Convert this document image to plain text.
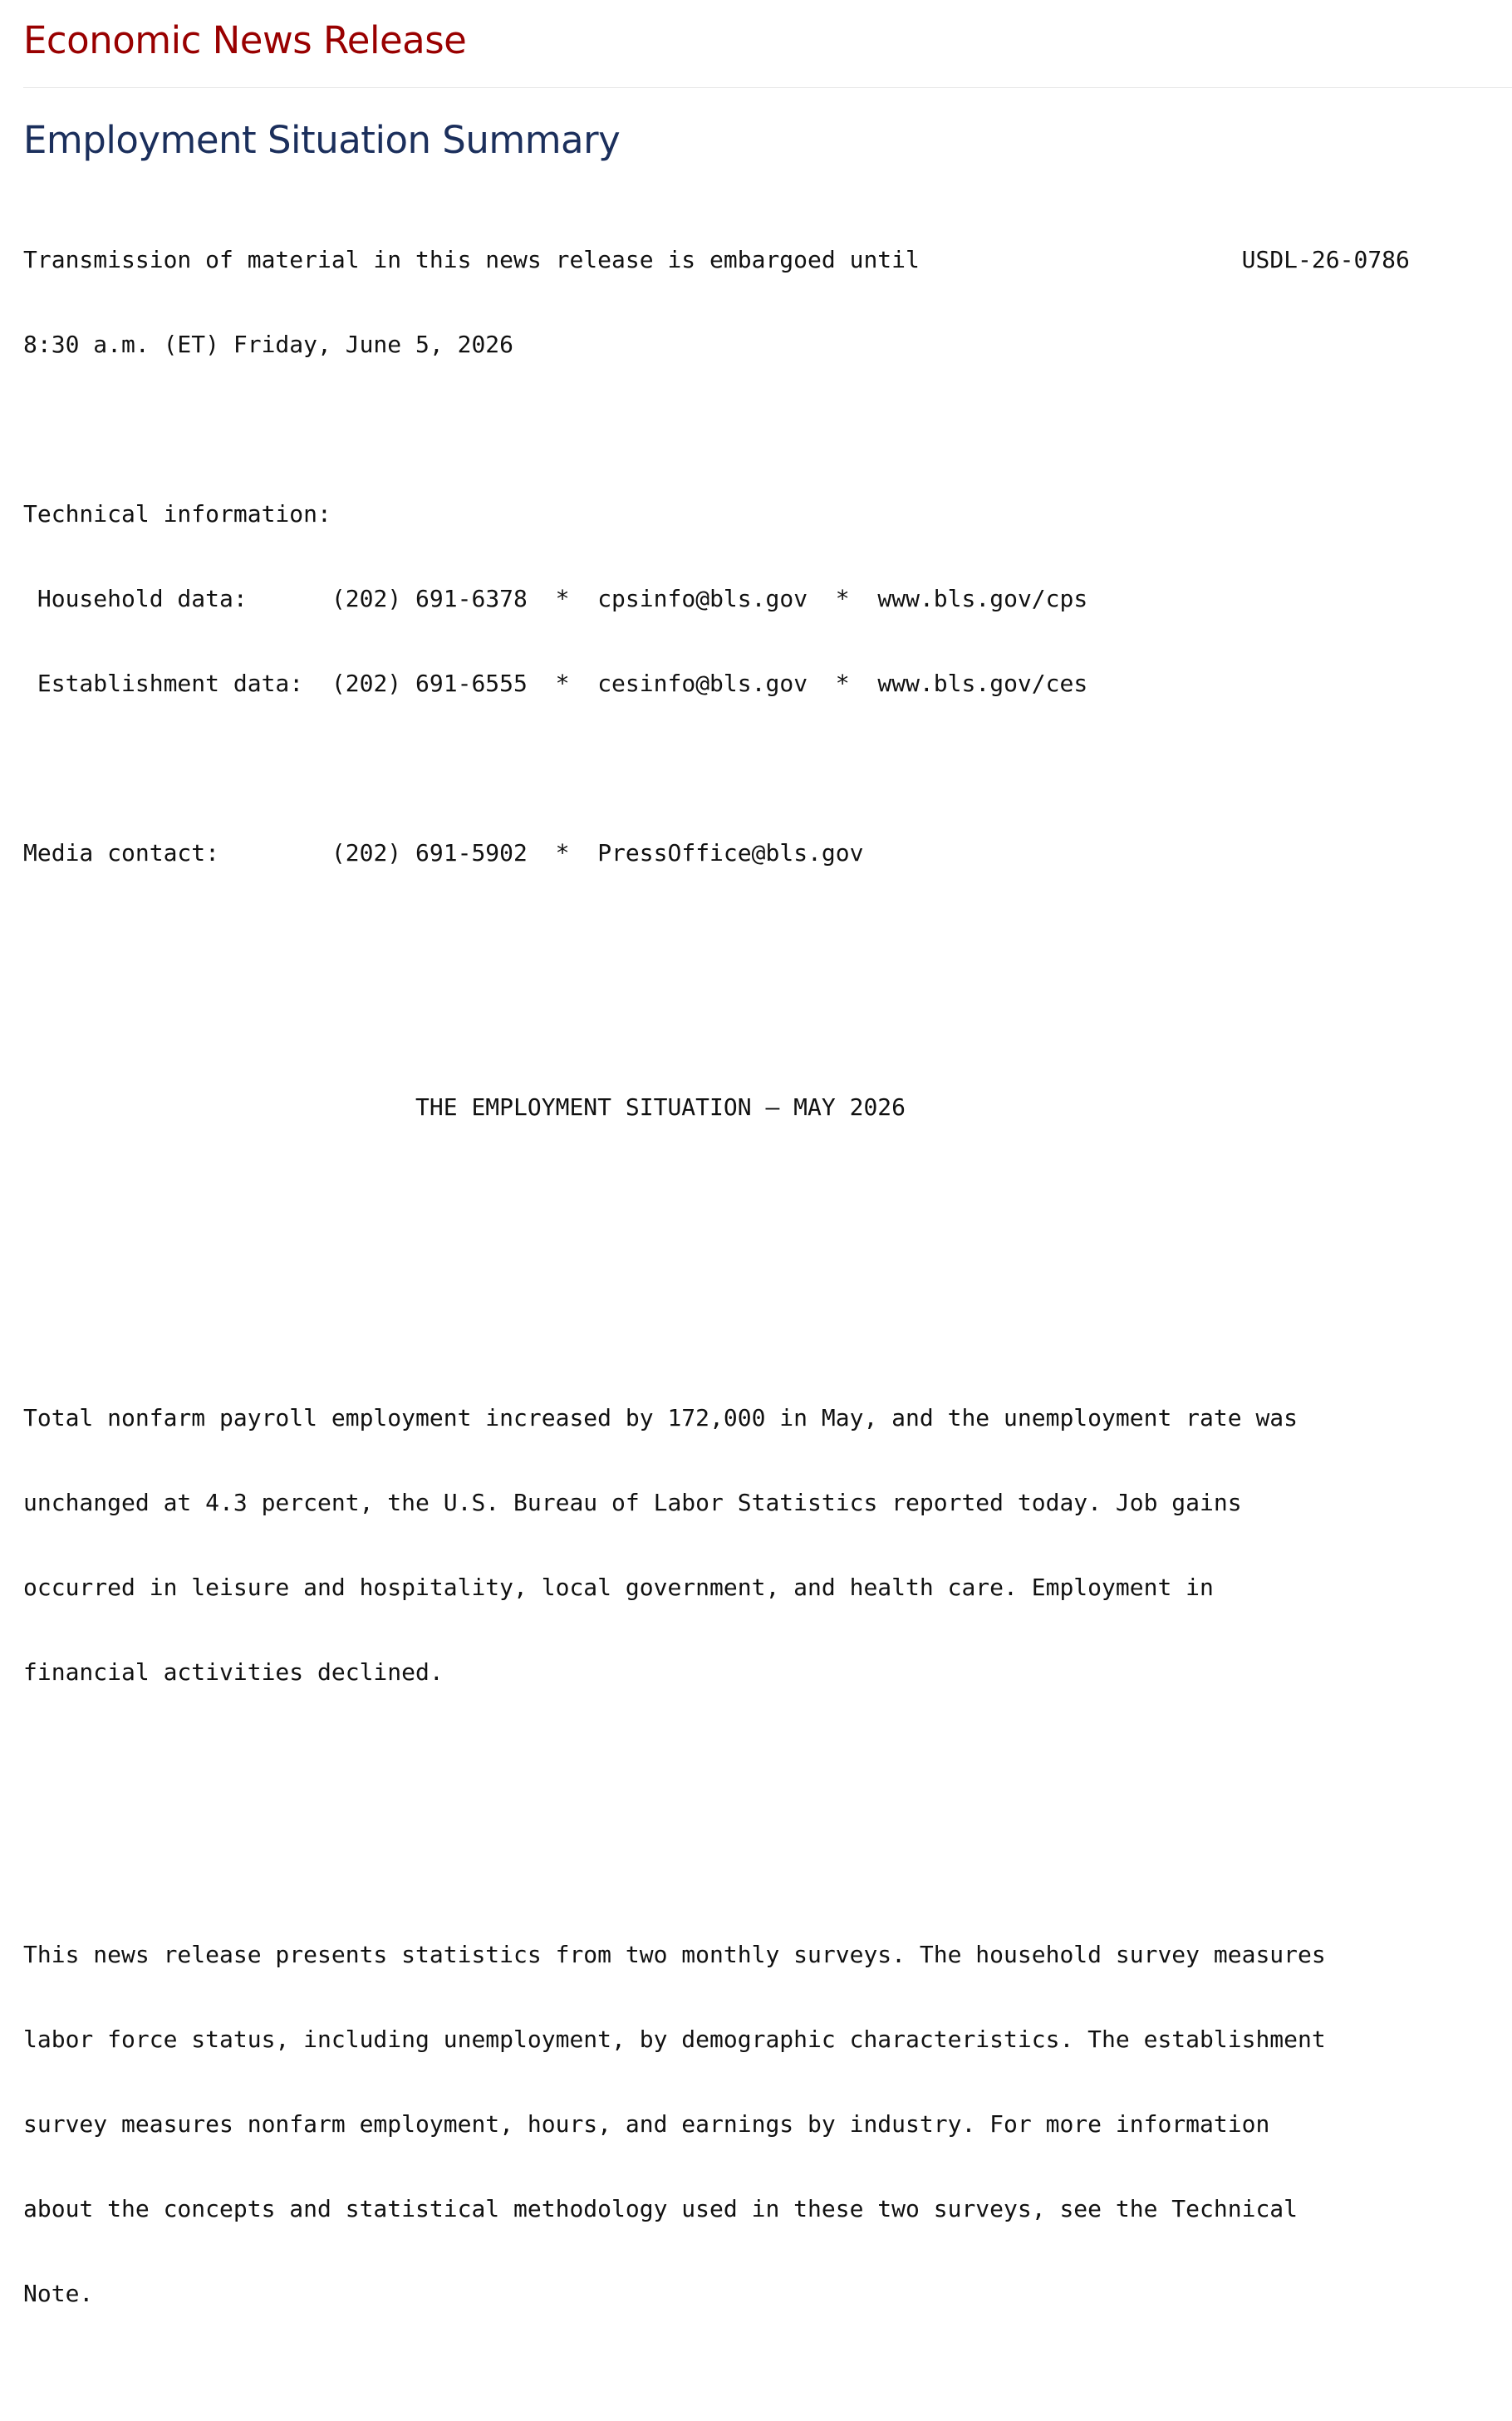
Economic News Release
Employment Situation Summary

Transmission of material in this news release is embargoed until	USDL-26-0786

8:30 a.m. (ET) Friday, June 5, 2026

Technical information:

Household data:	(202) 691-6378 * cpsinfo@bls.gov * www.bls.gov/cps

Establishment data: (202) 691-6555 * cesinfo@bls.gov * www.bls.gov/ces

Media contact:	(202) 691-5902 * PressOffice@bls.gov

THE EMPLOYMENT SITUATION — MAY 2026

Total nonfarm payroll employment increased by 172,000 in May, and the unemployment rate was

unchanged at 4.3 percent, the U.S. Bureau of Labor Statistics reported today. Job gains

occurred in leisure and hospitality, local government, and health care. Employment in

financial activities declined.

This news release presents statistics from two monthly surveys. The household survey measures

labor force status, including unemployment, by demographic characteristics. The establishment

survey measures nonfarm employment, hours, and earnings by industry. For more information

about the concepts and statistical methodology used in these two surveys, see the Technical

Note.
